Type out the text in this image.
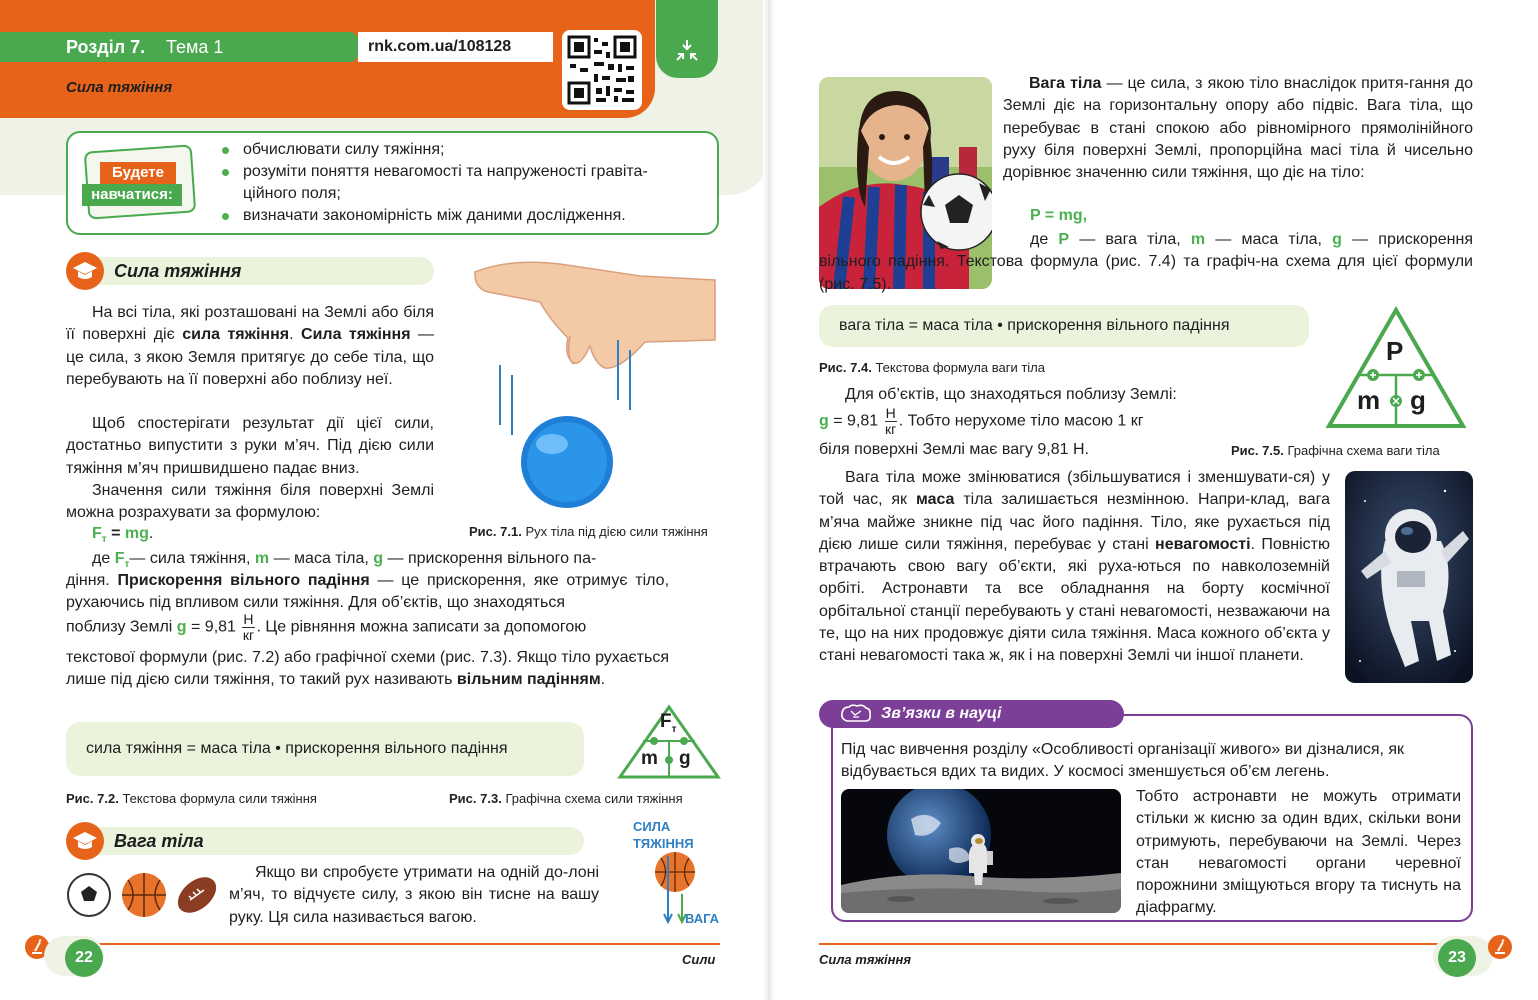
Розділ 7. Тема 1	rnk.com.ua/108128
Сила тяжіння
Будете
навчатися:
обчислювати силу тяжіння;
розуміти поняття невагомості та напруженості гравіта-
ційного поля;
визначати закономірність між даними дослідження.
Сила тяжіння
На всі тіла, які розташовані на Землі або біля її поверхні діє сила тяжіння. Сила тяжіння — це сила, з якою Земля притягує до себе тіла, що перебувають на її поверхні або поблизу неї.
Щоб спостерігати результат дії цієї сили, достатньо випустити з руки м’яч. Під дією сили тяжіння м’яч пришвидшено падає вниз.
Значення сили тяжіння біля поверхні Землі можна розрахувати за формулою:
$F_т$ = mg.
де $F_т—$ сила тяжіння, m — маса тіла, g — прискорення вільного па-
діння. Прискорення вільного падіння — це прискорення, яке отримує тіло, рухаючись під впливом сили тяжіння. Для об’єктів, що знаходяться
поблизу Землі $g = 9,81 \frac{Н}{кг}$ . Це рівняння можна записати за допомогою
текстової формули (рис. 7.2) або графічної схеми (рис. 7.3). Якщо тіло рухається лише під дією сили тяжіння, то такий рух називають вільним падінням.
Рис. 7.1. Рух тіла під дією сили тяжіння
сила тяжіння = маса тіла • прискорення вільного падіння
Рис. 7.2. Текстова формула сили тяжіння
$F_т$
m g
Рис. 7.3. Графічна схема сили тяжіння
Вага тіла
Якщо ви спробуєте утримати на одній до-лоні м’яч, то відчуєте силу, з якою він тисне на вашу руку. Ця сила називається вагою.
СИЛА
ТЯЖІННЯ
ВАГА
22	Сили
Вага тіла — це сила, з якою тіло внаслідок притя-гання до Землі діє на горизонтальну опору або підвіс. Вага тіла, що перебуває в стані спокою або рівномірного прямолінійного руху біля поверхні Землі, пропорційна масі тіла й чисельно дорівнює значенню сили тяжіння, що діє на тіло:
P = mg,
де P — вага тіла, m — маса тіла, g — прискорення вільного падіння. Текстова формула (рис. 7.4) та графіч-на схема для цієї формули (рис. 7.5).
вага тіла = маса тіла • прискорення вільного падіння
Рис. 7.4. Текстова формула ваги тіла
P
m g
Рис. 7.5. Графічна схема ваги тіла
Для об’єктів, що знаходяться поблизу Землі:
$g = 9,81 \frac{Н}{кг}$ . Тобто нерухоме тіло масою 1 кг
біля поверхні Землі має вагу 9,81 Н.
Вага тіла може змінюватися (збільшуватися і зменшувати-ся) у той час, як маса тіла залишається незмінною. Напри-клад, вага м’яча майже зникне під час його падіння. Тіло, яке рухається під дією лише сили тяжіння, перебуває у стані невагомості. Повністю втрачають свою вагу об’єкти, які руха-ються по навколоземній орбіті. Астронавти та все обладнання на борту космічної орбітальної станції перебувають у стані невагомості, незважаючи на те, що на них продовжує діяти сила тяжіння. Маса кожного об’єкта у стані невагомості така ж, як і на поверхні Землі чи іншої планети.
Зв’язки в науці
Під час вивчення розділу «Особливості організації живого» ви дізналися, як відбувається вдих та видих. У космосі зменшується об’єм легень.
Тобто астронавти не можуть отримати стільки ж кисню за один вдих, скільки вони отримують, перебуваючи на Землі. Через стан невагомості органи черевної порожнини зміщуються вгору та тиснуть на діафрагму.
Сила тяжіння	23
